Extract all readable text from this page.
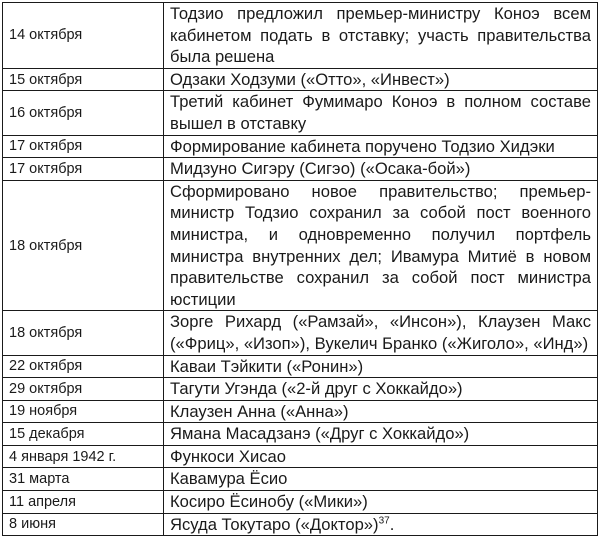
14 октября	Тодзио предложил премьер-министру Коноэ всем кабинетом подать в отставку; участь правительства была решена
15 октября	Одзаки Ходзуми («Отто», «Инвест»)
16 октября	Третий кабинет Фумимаро Коноэ в полном составе вышел в отставку
17 октября	Формирование кабинета поручено Тодзио Хидэки
17 октября	Мидзуно Сигэру (Сигэо) («Осака-бой»)
18 октября	Сформировано новое правительство; премьер-министр Тодзио сохранил за собой пост военного министра, и одновременно получил портфель министра внутренних дел; Ивамура Митиё в новом правительстве сохранил за собой пост министра юстиции
18 октября	Зорге Рихард («Рамзай», «Инсон»), Клаузен Макс («Фриц», «Изоп»), Вукелич Бранко («Жиголо», «Инд»)
22 октября	Каваи Тэйкити («Ронин»)
29 октября	Тагути Угэнда («2-й друг с Хоккайдо»)
19 ноября	Клаузен Анна («Анна»)
15 декабря	Ямана Масадзанэ («Друг с Хоккайдо»)
4 января 1942 г.	Функоси Хисао
31 марта	Кавамура Ёсио
11 апреля	Косиро Ёсинобу («Мики»)
8 июня	Ясуда Токутаро («Доктор»)$^{37}$.
